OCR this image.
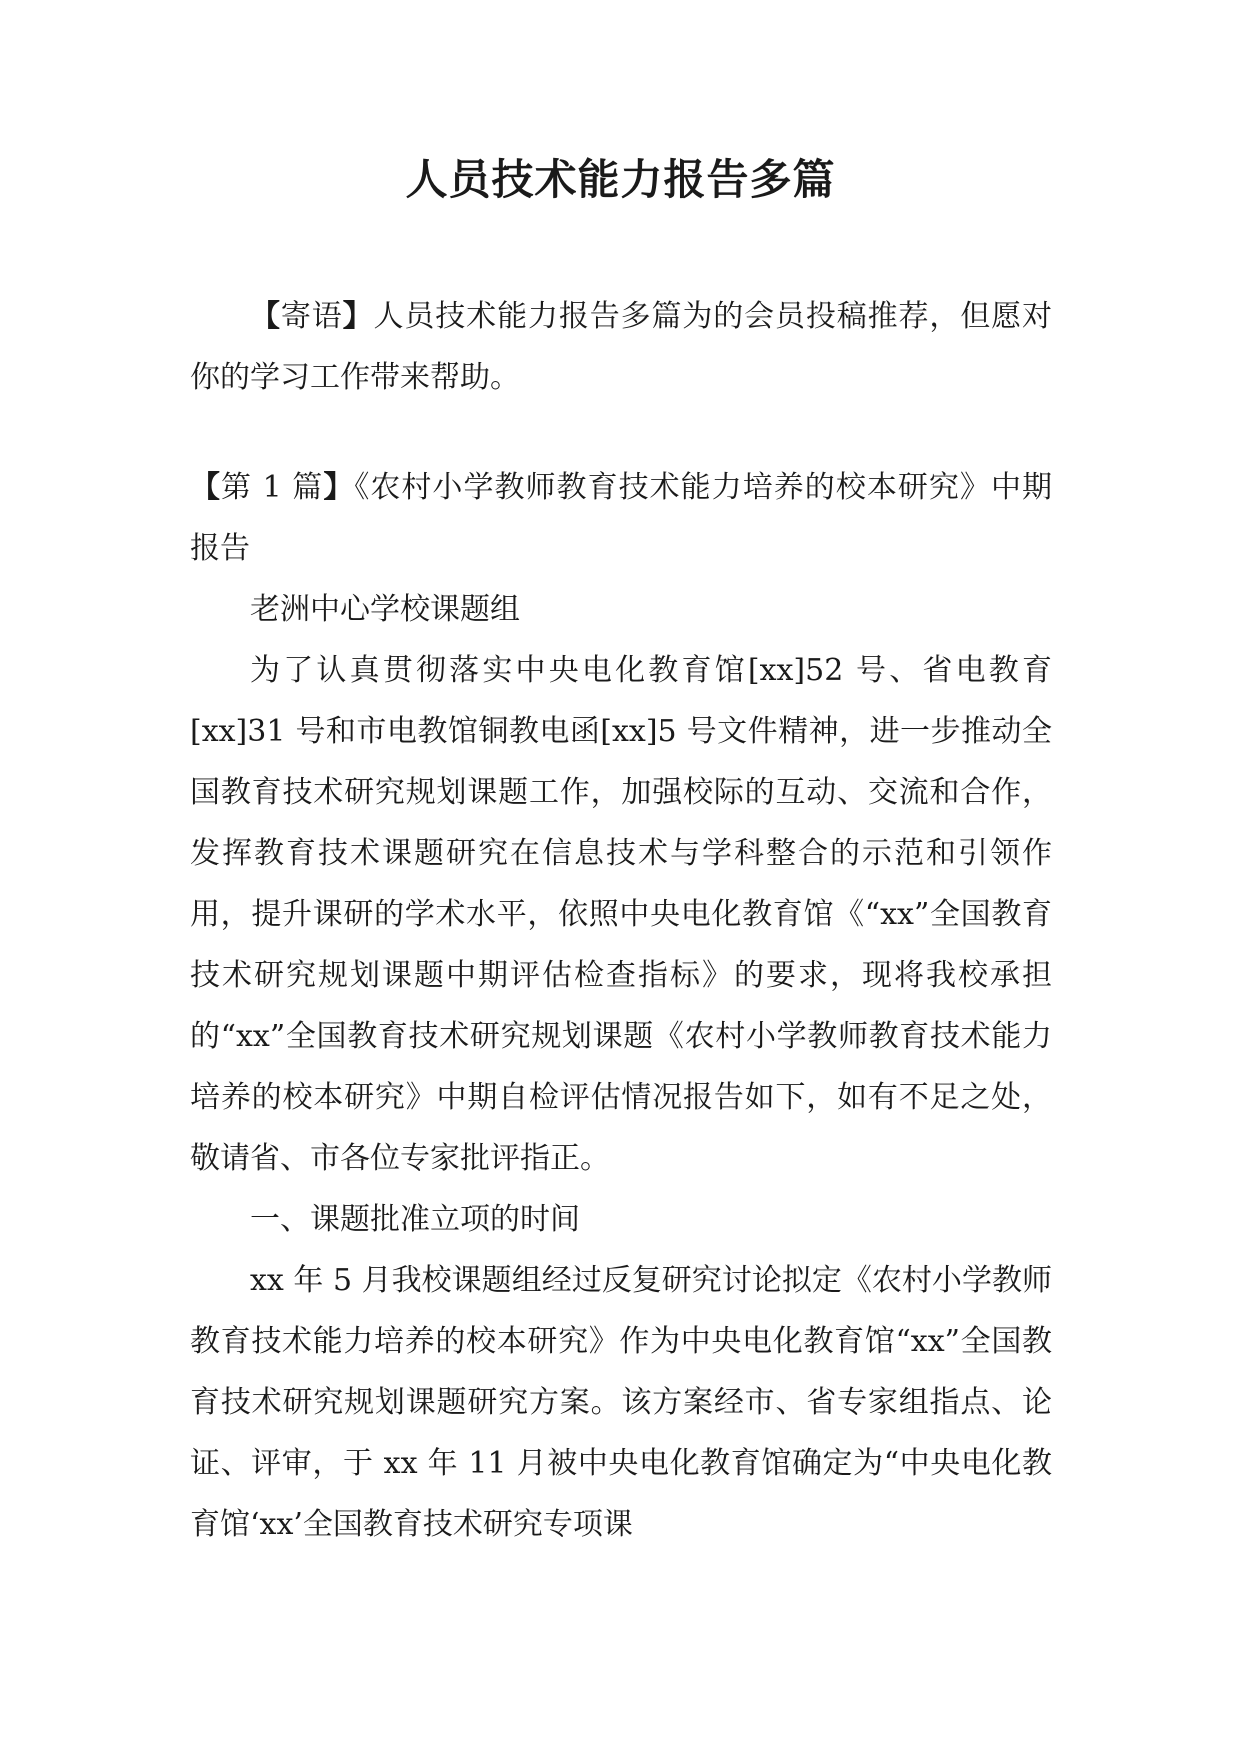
人员技术能力报告多篇

【寄语】人员技术能力报告多篇为的会员投稿推荐，但愿对你的学习工作带来帮助。

【第 1 篇】《农村小学教师教育技术能力培养的校本研究》中期报告

老洲中心学校课题组

为了认真贯彻落实中央电化教育馆[xx]52 号、省电教育[xx]31 号和市电教馆铜教电函[xx]5 号文件精神，进一步推动全国教育技术研究规划课题工作，加强校际的互动、交流和合作，发挥教育技术课题研究在信息技术与学科整合的示范和引领作用，提升课研的学术水平，依照中央电化教育馆《“xx”全国教育技术研究规划课题中期评估检查指标》的要求，现将我校承担的“xx”全国教育技术研究规划课题《农村小学教师教育技术能力培养的校本研究》中期自检评估情况报告如下，如有不足之处，敬请省、市各位专家批评指正。

一、课题批准立项的时间

xx 年 5 月我校课题组经过反复研究讨论拟定《农村小学教师教育技术能力培养的校本研究》作为中央电化教育馆“xx”全国教育技术研究规划课题研究方案。该方案经市、省专家组指点、论证、评审，于 xx 年 11 月被中央电化教育馆确定为“中央电化教育馆‘xx’全国教育技术研究专项课
